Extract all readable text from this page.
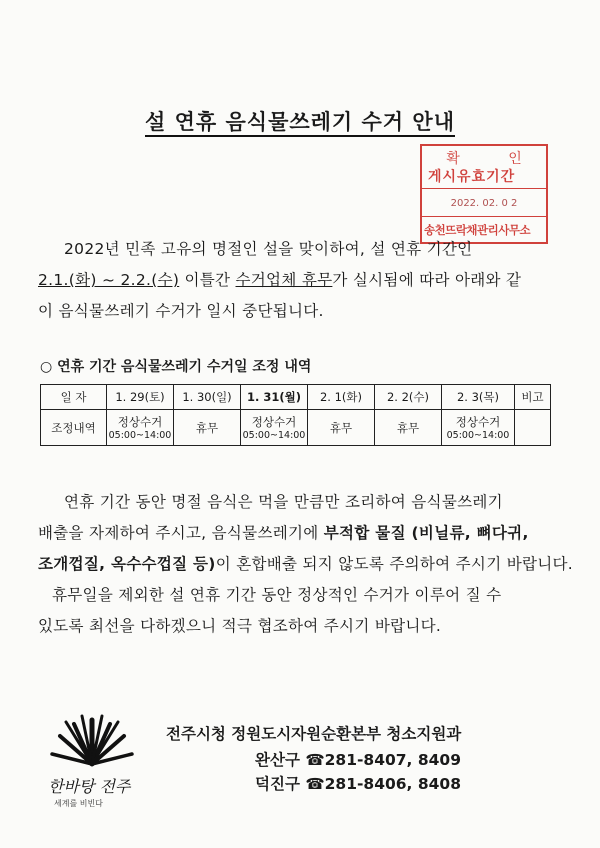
설 연휴 음식물쓰레기 수거 안내
확	인
게시유효기간
2022. 02. 0 2
송천뜨락채관리사무소
2022년 민족 고유의 명절인 설을 맞이하여, 설 연휴 기간인
2.1.(화) ~ 2.2.(수) 이틀간 수거업체 휴무가 실시됨에 따라 아래와 같
이 음식물쓰레기 수거가 일시 중단됩니다.
○ 연휴 기간 음식물쓰레기 수거일 조정 내역
일 자	1. 29(토)	1. 30(일)	1. 31(월)	2. 1(화)	2. 2(수)	2. 3(목)	비고
조정내역	정상수거
05:00~14:00	휴무	정상수거
05:00~14:00	휴무	휴무	정상수거
05:00~14:00	

연휴 기간 동안 명절 음식은 먹을 만큼만 조리하여 음식물쓰레기
배출을 자제하여 주시고, 음식물쓰레기에 부적합 물질 (비닐류, 뼈다귀,
조개껍질, 옥수수껍질 등)이 혼합배출 되지 않도록 주의하여 주시기 바랍니다.
휴무일을 제외한 설 연휴 기간 동안 정상적인 수거가 이루어 질 수
있도록 최선을 다하겠으니 적극 협조하여 주시기 바랍니다.
한바탕 전주
세계를 비빈다
전주시청 정원도시자원순환본부 청소지원과
완산구 ☎281-8407, 8409
덕진구 ☎281-8406, 8408
